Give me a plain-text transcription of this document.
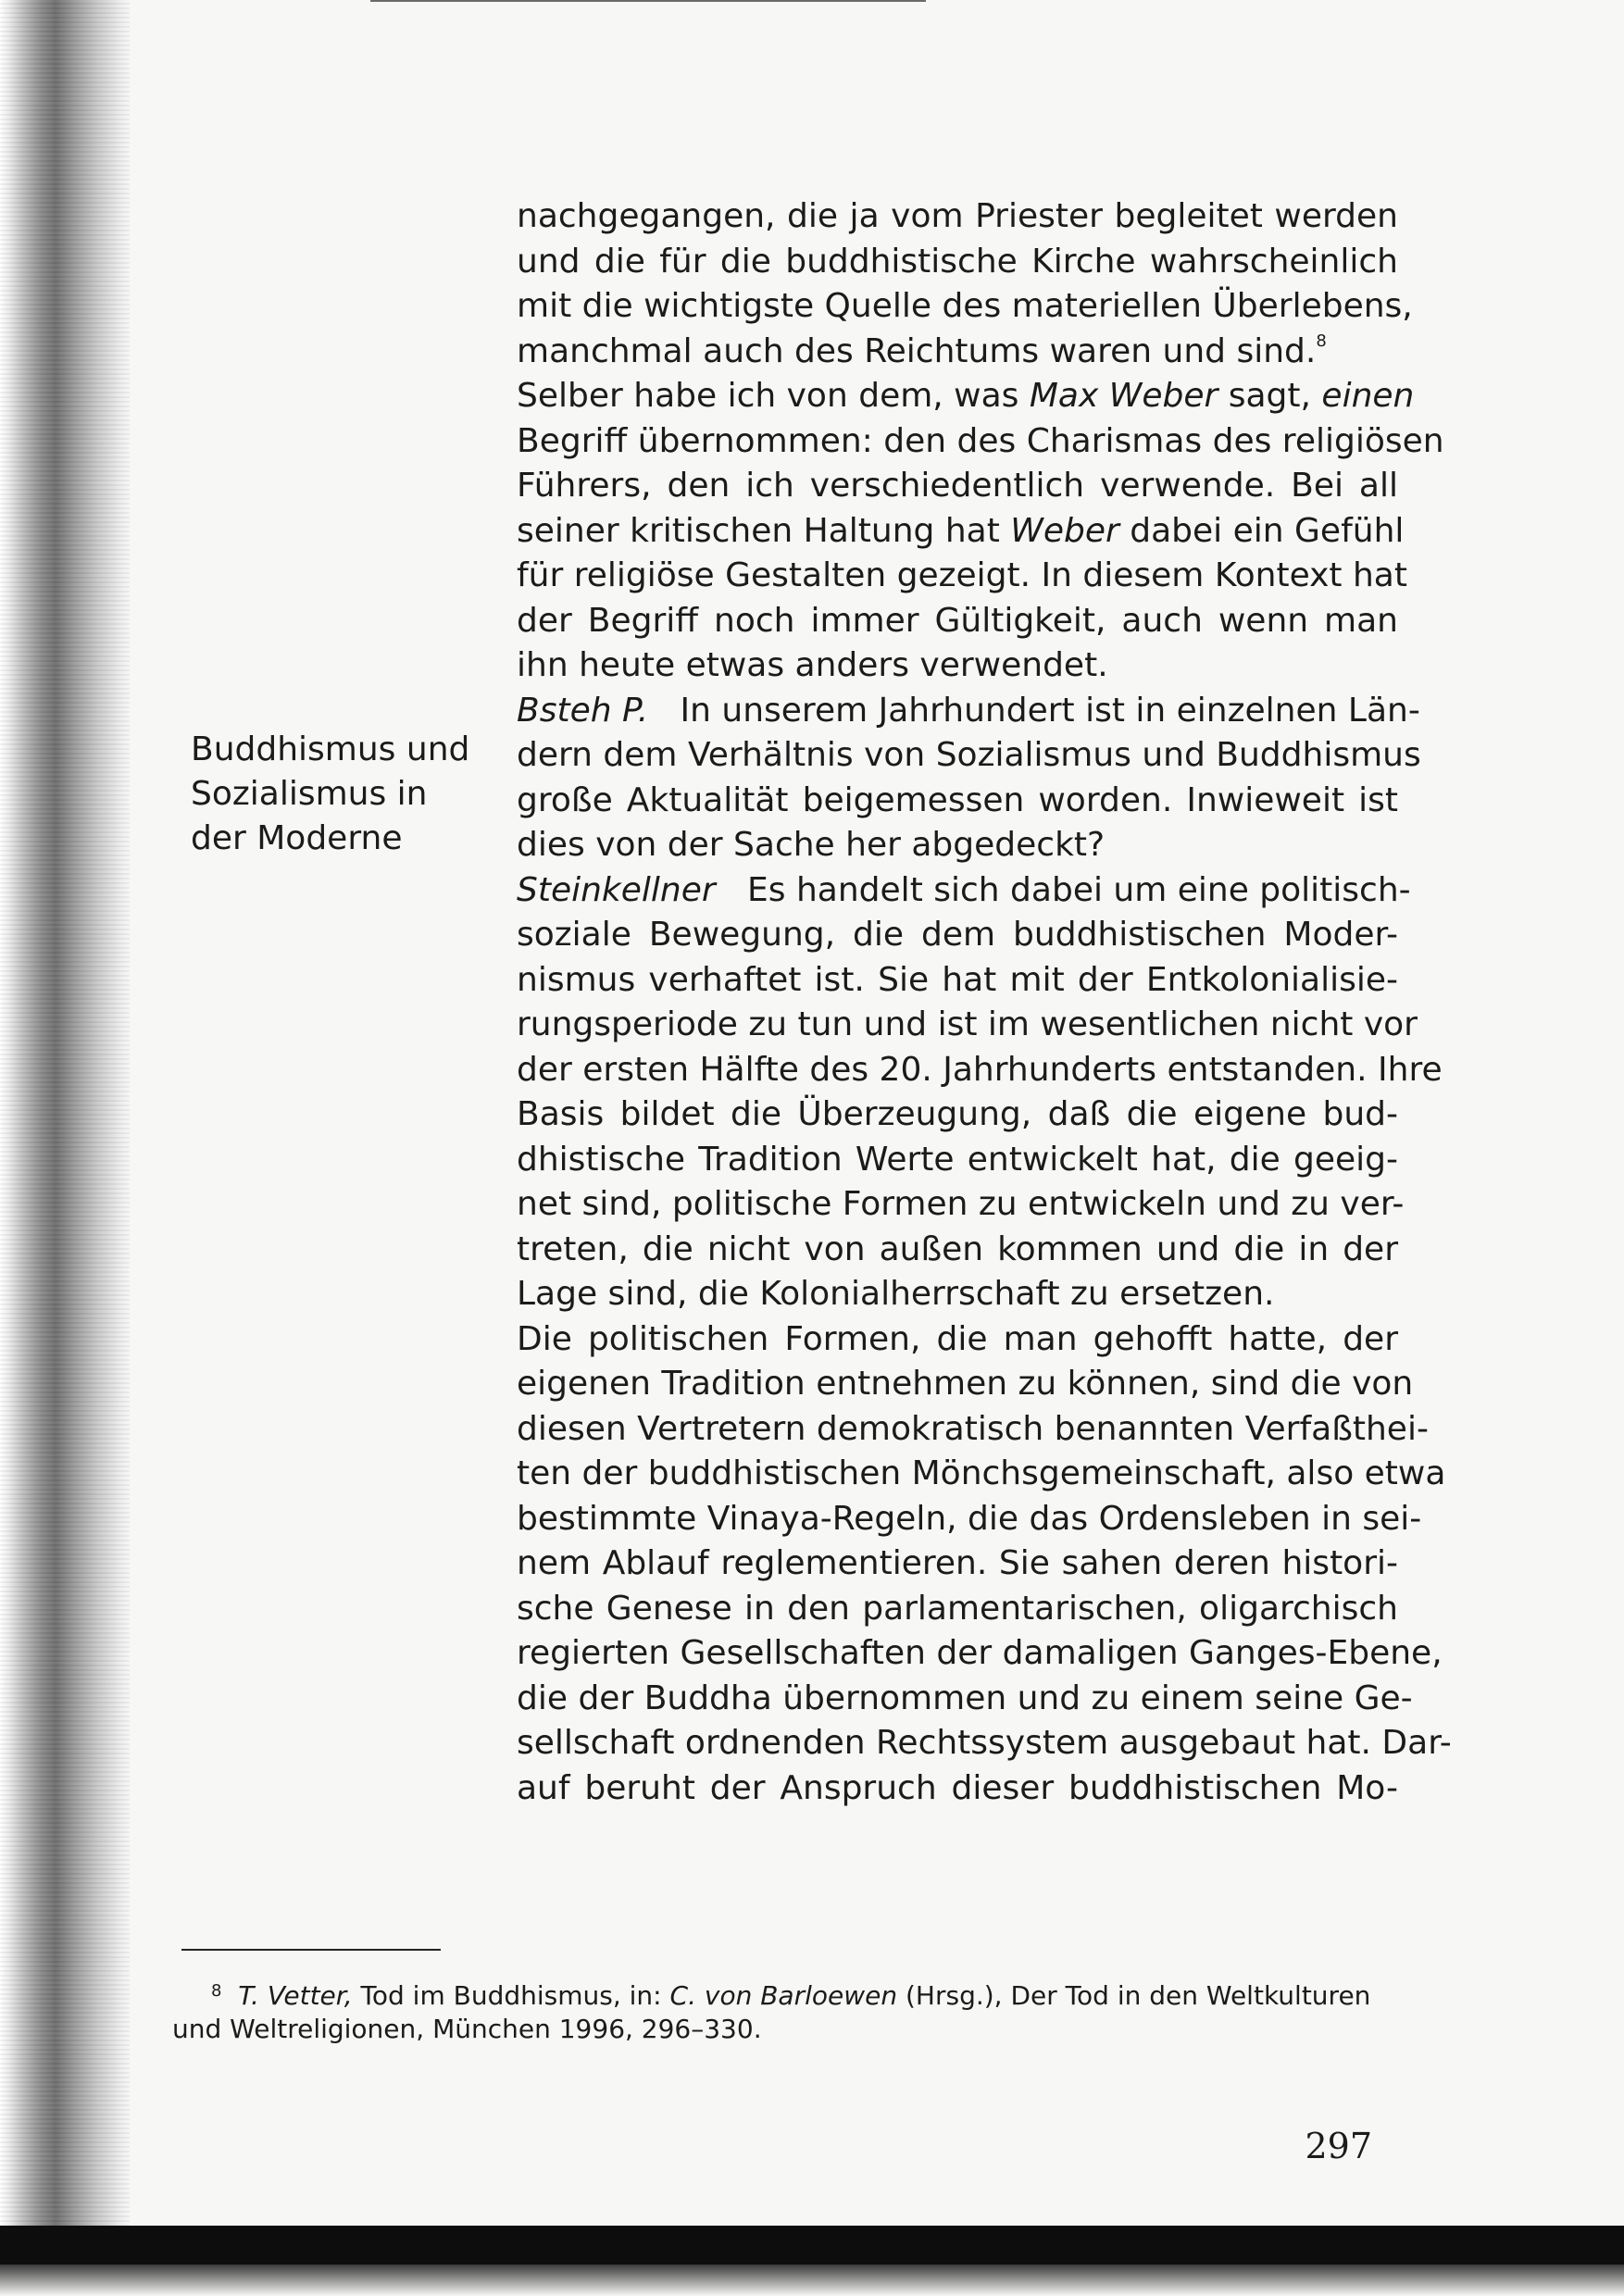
Buddhismus und
Sozialismus in
der Moderne
nachgegangen, die ja vom Priester begleitet werden
und die für die buddhistische Kirche wahrscheinlich
mit die wichtigste Quelle des materiellen Überlebens,
manchmal auch des Reichtums waren und sind.$^8$
Selber habe ich von dem, was Max Weber sagt, einen
Begriff übernommen: den des Charismas des religiösen
Führers, den ich verschiedentlich verwende. Bei all
seiner kritischen Haltung hat Weber dabei ein Gefühl
für religiöse Gestalten gezeigt. In diesem Kontext hat
der Begriff noch immer Gültigkeit, auch wenn man
ihn heute etwas anders verwendet.
Bsteh P. In unserem Jahrhundert ist in einzelnen Län-
dern dem Verhältnis von Sozialismus und Buddhismus
große Aktualität beigemessen worden. Inwieweit ist
dies von der Sache her abgedeckt?
Steinkellner Es handelt sich dabei um eine politisch-
soziale Bewegung, die dem buddhistischen Moder-
nismus verhaftet ist. Sie hat mit der Entkolonialisie-
rungsperiode zu tun und ist im wesentlichen nicht vor
der ersten Hälfte des 20. Jahrhunderts entstanden. Ihre
Basis bildet die Überzeugung, daß die eigene bud-
dhistische Tradition Werte entwickelt hat, die geeig-
net sind, politische Formen zu entwickeln und zu ver-
treten, die nicht von außen kommen und die in der
Lage sind, die Kolonialherrschaft zu ersetzen.
Die politischen Formen, die man gehofft hatte, der
eigenen Tradition entnehmen zu können, sind die von
diesen Vertretern demokratisch benannten Verfaßthei-
ten der buddhistischen Mönchsgemeinschaft, also etwa
bestimmte Vinaya-Regeln, die das Ordensleben in sei-
nem Ablauf reglementieren. Sie sahen deren histori-
sche Genese in den parlamentarischen, oligarchisch
regierten Gesellschaften der damaligen Ganges-Ebene,
die der Buddha übernommen und zu einem seine Ge-
sellschaft ordnenden Rechtssystem ausgebaut hat. Dar-
auf beruht der Anspruch dieser buddhistischen Mo-
$^8$ T. Vetter, Tod im Buddhismus, in: C. von Barloewen (Hrsg.), Der Tod in den Weltkulturen
und Weltreligionen, München 1996, 296–330.
297
